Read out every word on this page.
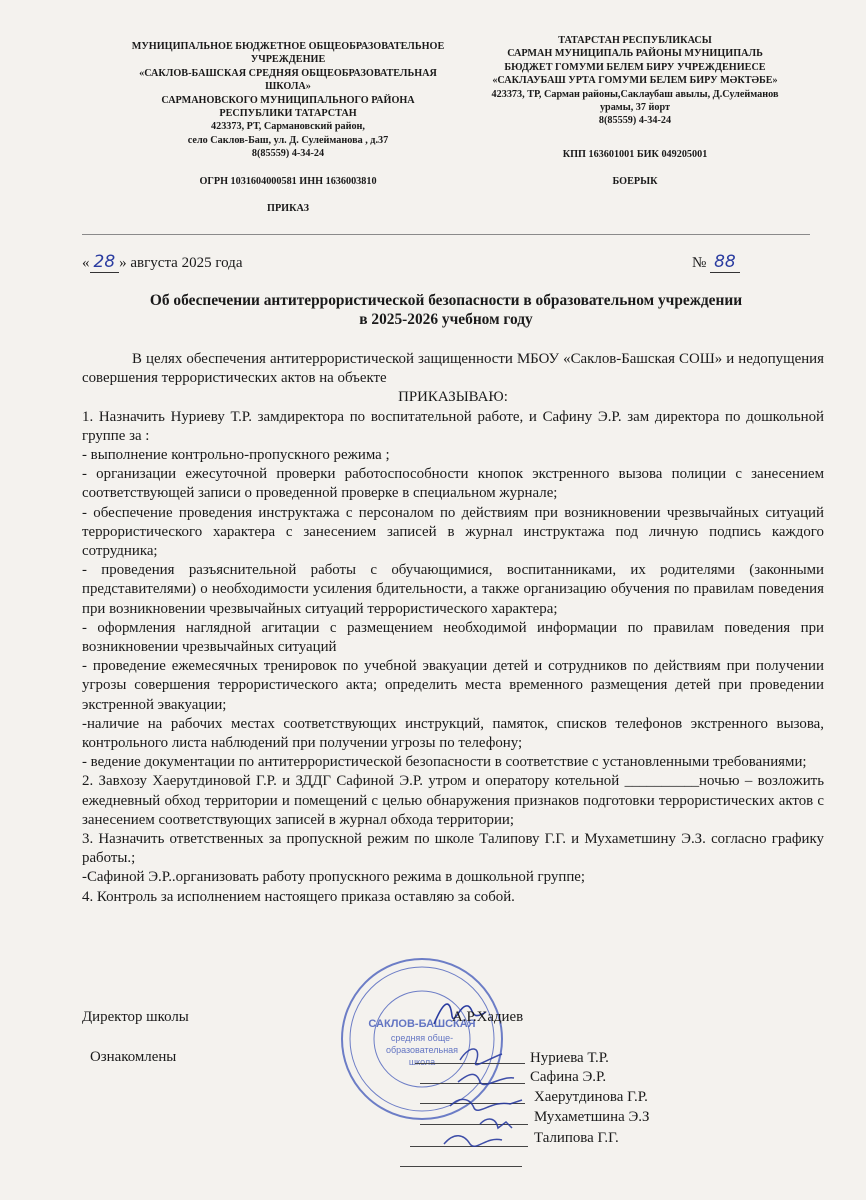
МУНИЦИПАЛЬНОЕ БЮДЖЕТНОЕ ОБЩЕОБРАЗОВАТЕЛЬНОЕ
УЧРЕЖДЕНИЕ
«САКЛОВ-БАШСКАЯ СРЕДНЯЯ ОБЩЕОБРАЗОВАТЕЛЬНАЯ
ШКОЛА»
САРМАНОВСКОГО МУНИЦИПАЛЬНОГО РАЙОНА
РЕСПУБЛИКИ ТАТАРСТАН
423373, РТ, Сармановский район,
село Саклов-Баш, ул. Д. Сулейманова , д.37
8(85559) 4-34-24
ОГРН 1031604000581 ИНН 1636003810
ПРИКАЗ
ТАТАРСТАН РЕСПУБЛИКАСЫ
САРМАН МУНИЦИПАЛЬ РАЙОНЫ МУНИЦИПАЛЬ
БЮДЖЕТ ГОМУМИ БЕЛЕМ БИРУ УЧРЕЖДЕНИЕСЕ
«САКЛАУБАШ УРТА ГОМУМИ БЕЛЕМ БИРУ МӘКТӘБЕ»
423373, ТР, Сарман районы,Саклаубаш авылы, Д.Сулейманов
урамы, 37 йорт
8(85559) 4-34-24
КПП 163601001 БИК 049205001
БОЕРЫК
« 28 » августа 2025 года	№ 88
Об обеспечении антитеррористической безопасности в образовательном учреждении
в 2025-2026 учебном году

В целях обеспечения антитеррористической защищенности МБОУ «Саклов-Башская СОШ» и недопущения совершения террористических актов на объекте

ПРИКАЗЫВАЮ:

1. Назначить Нуриеву Т.Р. замдиректора по воспитательной работе, и Сафину Э.Р. зам директора по дошкольной группе за :

- выполнение контрольно-пропускного режима ;

- организации ежесуточной проверки работоспособности кнопок экстренного вызова полиции с занесением соответствующей записи о проведенной проверке в специальном журнале;

- обеспечение проведения инструктажа с персоналом по действиям при возникновении чрезвычайных ситуаций террористического характера с занесением записей в журнал инструктажа под личную подпись каждого сотрудника;

- проведения разъяснительной работы с обучающимися, воспитанниками, их родителями (законными представителями) о необходимости усиления бдительности, а также организацию обучения по правилам поведения при возникновении чрезвычайных ситуаций террористического характера;

- оформления наглядной агитации с размещением необходимой информации по правилам поведения при возникновении чрезвычайных ситуаций

- проведение ежемесячных тренировок по учебной эвакуации детей и сотрудников по действиям при получении угрозы совершения террористического акта; определить места временного размещения детей при проведении экстренной эвакуации;

-наличие на рабочих местах соответствующих инструкций, памяток, списков телефонов экстренного вызова, контрольного листа наблюдений при получении угрозы по телефону;

- ведение документации по антитеррористической безопасности в соответствие с установленными требованиями;

2. Завхозу Хаерутдиновой Г.Р. и ЗДДГ Сафиной Э.Р. утром и оператору котельной __________ночью – возложить ежедневный обход территории и помещений с целью обнаружения признаков подготовки террористических актов с занесением соответствующих записей в журнал обхода территории;

3. Назначить ответственных за пропускной режим по школе Талипову Г.Г. и Мухаметшину Э.З. согласно графику работы.;

-Сафиной Э.Р..организовать работу пропускного режима в дошкольной группе;

4. Контроль за исполнением настоящего приказа оставляю за собой.

САКЛОВ-БАШСКАЯ
средняя обще-
образовательная
школа
Директор школы	А.Р.Хадиев
Ознакомлены	Нуриева Т.Р.
Сафина Э.Р.
Хаерутдинова Г.Р.
Мухаметшина Э.З
Талипова Г.Г.
